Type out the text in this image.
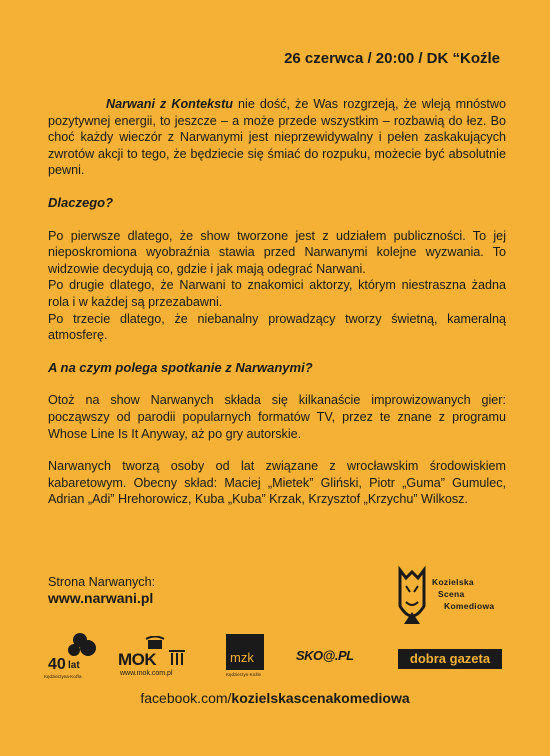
26 czerwca / 20:00 / DK “Koźle

Narwani z Kontekstu nie dość, że Was rozgrzeją, że wleją mnóstwo pozytywnej energii, to jeszcze – a może przede wszystkim – rozbawią do łez. Bo choć każdy wieczór z Narwanymi jest nieprzewidywalny i pełen zaskakujących zwrotów akcji to tego, że będziecie się śmiać do rozpuku, możecie być absolutnie pewni.

Dlaczego?

Po pierwsze dlatego, że show tworzone jest z udziałem publiczności. To jej nieposkromiona wyobraźnia stawia przed Narwanymi kolejne wyzwania. To widzowie decydują co, gdzie i jak mają odegrać Narwani.

Po drugie dlatego, że Narwani to znakomici aktorzy, którym niestraszna żadna rola i w każdej są przezabawni.

Po trzecie dlatego, że niebanalny prowadzący tworzy świetną, kameralną atmosferę.

A na czym polega spotkanie z Narwanymi?

Otoż na show Narwanych składa się kilkanaście improwizowanych gier: począwszy od parodii popularnych formatów TV, przez te znane z programu Whose Line Is It Anyway, aż po gry autorskie.

Narwanych tworzą osoby od lat związane z wrocławskim środowiskiem kabaretowym. Obecny skład: Maciej „Mietek” Gliński, Piotr „Guma” Gumulec, Adrian „Adi” Hrehorowicz, Kuba „Kuba” Krzak, Krzysztof „Krzychu” Wilkosz.

Strona Narwanych:
www.narwani.pl
Kozielska
Scena
Komediowa
40 lat
Kędzierzyna-Koźla
MOK
www.mok.com.pl
mzk
Kędzierzyn-Koźle
SKO@.PL	dobra gazeta
facebook.com/kozielskascenakomediowa
